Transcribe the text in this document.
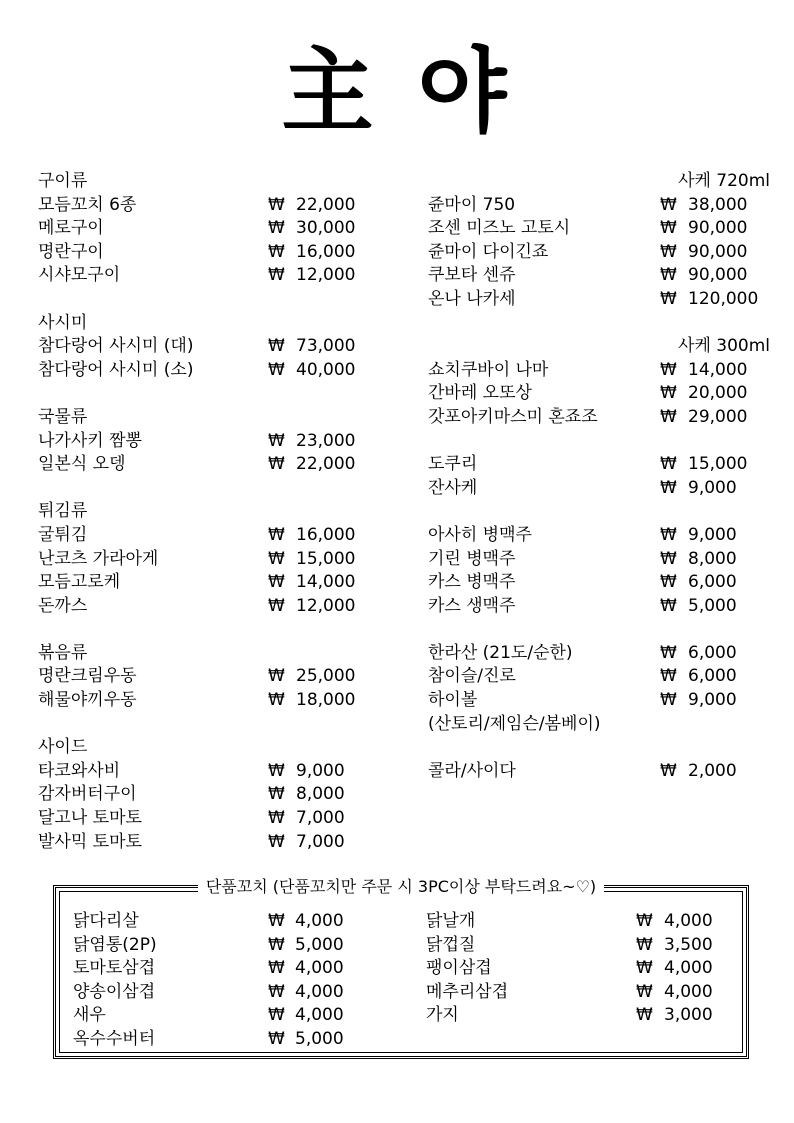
主 야
구이류
모듬꼬치 6종	₩ 22,000
메로구이	₩ 30,000
명란구이	₩ 16,000
시샤모구이	₩ 12,000
사시미
참다랑어 사시미 (대)	₩ 73,000
참다랑어 사시미 (소)	₩ 40,000
국물류
나가사키 짬뽕	₩ 23,000
일본식 오뎅	₩ 22,000
튀김류
굴튀김	₩ 16,000
난코츠 가라아게	₩ 15,000
모듬고로케	₩ 14,000
돈까스	₩ 12,000
볶음류
명란크림우동	₩ 25,000
해물야끼우동	₩ 18,000
사이드
타코와사비	₩ 9,000
감자버터구이	₩ 8,000
달고나 토마토	₩ 7,000
발사믹 토마토	₩ 7,000
사케 720ml
쥰마이 750	₩ 38,000
조센 미즈노 고토시	₩ 90,000
쥰마이 다이긴죠	₩ 90,000
쿠보타 센쥬	₩ 90,000
온나 나카세	₩ 120,000
사케 300ml
쇼치쿠바이 나마	₩ 14,000
간바레 오또상	₩ 20,000
갓포아키마스미 혼죠조	₩ 29,000
도쿠리	₩ 15,000
잔사케	₩ 9,000
아사히 병맥주	₩ 9,000
기린 병맥주	₩ 8,000
카스 병맥주	₩ 6,000
카스 생맥주	₩ 5,000
한라산 (21도/순한)	₩ 6,000
참이슬/진로	₩ 6,000
하이볼	₩ 9,000
(산토리/제임슨/봄베이)
콜라/사이다	₩ 2,000
단품꼬치 (단품꼬치만 주문 시 3PC이상 부탁드려요~♡)
닭다리살	₩ 4,000
닭염통(2P)	₩ 5,000
토마토삼겹	₩ 4,000
양송이삼겹	₩ 4,000
새우	₩ 4,000
옥수수버터	₩ 5,000
닭날개	₩ 4,000
닭껍질	₩ 3,500
팽이삼겹	₩ 4,000
메추리삼겹	₩ 4,000
가지	₩ 3,000
